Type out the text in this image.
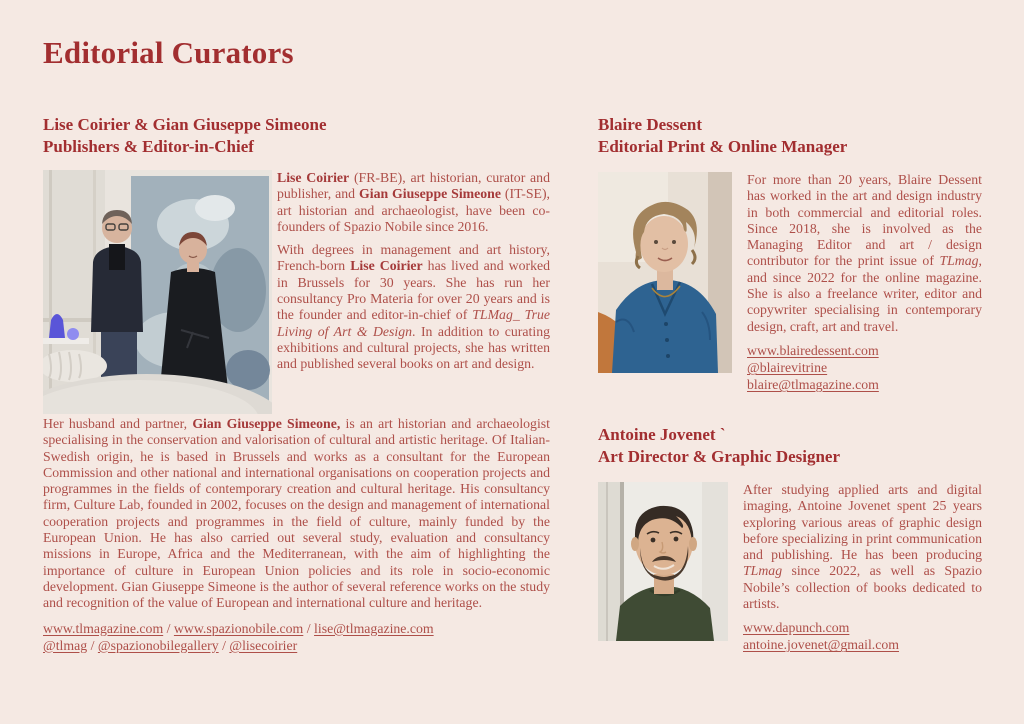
Editorial Curators
Lise Coirier & Gian Giuseppe Simeone
Publishers & Editor-in-Chief

Lise Coirier (FR-BE), art historian, curator and publisher, and Gian Giuseppe Simeone (IT-SE), art historian and archaeologist, have been co-founders of Spazio Nobile since 2016.

With degrees in management and art history, French-born Lise Coirier has lived and worked in Brussels for 30 years. She has run her consultancy Pro Materia for over 20 years and is the founder and editor-in-chief of TLMag_ True Living of Art & Design. In addition to curating exhibitions and cultural projects, she has written and published several books on art and design.

Her husband and partner, Gian Giuseppe Simeone, is an art historian and archaeologist specialising in the conservation and valorisation of cultural and artistic heritage. Of Italian-Swedish origin, he is based in Brussels and works as a consultant for the European Commission and other national and international organisations on cooperation projects and programmes in the fields of contemporary creation and cultural heritage. His consultancy firm, Culture Lab, founded in 2002, focuses on the design and management of international cooperation projects and programmes in the field of culture, mainly funded by the European Union. He has also carried out several study, evaluation and consultancy missions in Europe, Africa and the Mediterranean, with the aim of highlighting the importance of culture in European Union policies and its role in socio-economic development. Gian Giuseppe Simeone is the author of several reference works on the study and recognition of the value of European and international culture and heritage.

www.tlmagazine.com / www.spazionobile.com / lise@tlmagazine.com
@tlmag / @spazionobilegallery / @lisecoirier
Blaire Dessent
Editorial Print & Online Manager

For more than 20 years, Blaire Dessent has worked in the art and design industry in both commercial and editorial roles. Since 2018, she is involved as the Managing Editor and art / design contributor for the print issue of TLmag, and since 2022 for the online magazine. She is also a freelance writer, editor and copywriter specialising in contemporary design, craft, art and travel.

www.blairedessent.com
@blairevitrine
blaire@tlmagazine.com
Antoine Jovenet `
Art Director & Graphic Designer

After studying applied arts and digital imaging, Antoine Jovenet spent 25 years exploring various areas of graphic design before specializing in print communication and publishing. He has been producing TLmag since 2022, as well as Spazio Nobile’s collection of books dedicated to artists.

www.dapunch.com
antoine.jovenet@gmail.com
